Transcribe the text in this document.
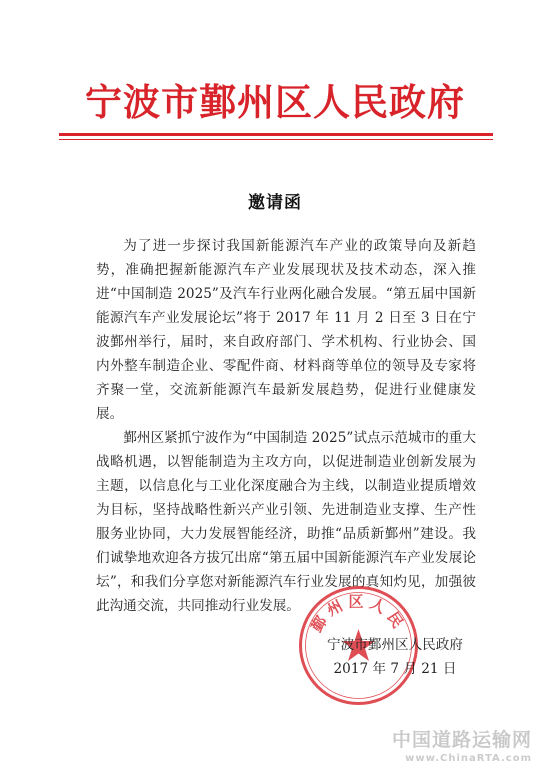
宁波市鄞州区人民政府
邀请函

为了进一步探讨我国新能源汽车产业的政策导向及新趋势，准确把握新能源汽车产业发展现状及技术动态，深入推进“中国制造 2025”及汽车行业两化融合发展。“第五届中国新能源汽车产业发展论坛”将于 2017 年 11 月 2 日至 3 日在宁波鄞州举行，届时，来自政府部门、学术机构、行业协会、国内外整车制造企业、零配件商、材料商等单位的领导及专家将齐聚一堂，交流新能源汽车最新发展趋势，促进行业健康发展。

鄞州区紧抓宁波作为“中国制造 2025”试点示范城市的重大战略机遇，以智能制造为主攻方向，以促进制造业创新发展为主题，以信息化与工业化深度融合为主线，以制造业提质增效为目标，坚持战略性新兴产业引领、先进制造业支撑、生产性服务业协同，大力发展智能经济，助推“品质新鄞州”建设。我们诚挚地欢迎各方拔冗出席“第五届中国新能源汽车产业发展论坛”，和我们分享您对新能源汽车行业发展的真知灼见，加强彼此沟通交流，共同推动行业发展。

鄞州区人民
宁波市鄞州区人民政府
2017 年 7 月 21 日
中国道路运输网
www.ChinaRTA.com
